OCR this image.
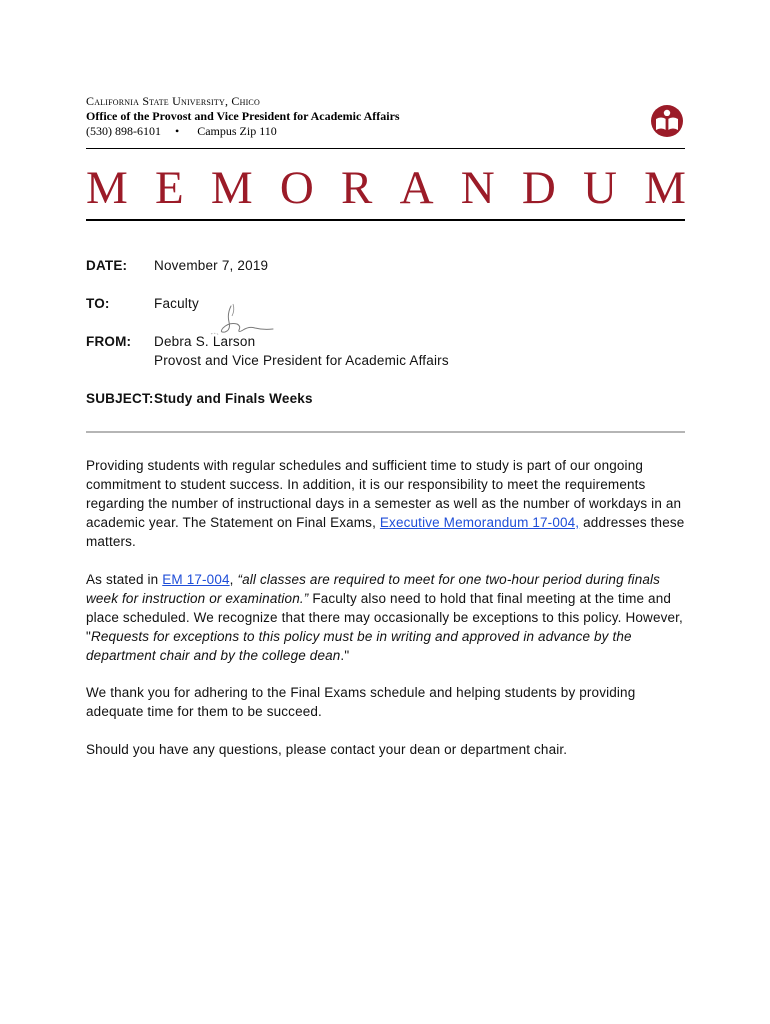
California State University, Chico
Office of the Provost and Vice President for Academic Affairs
(530) 898-6101 • Campus Zip 110
M E M O R A N D U M
DATE:	November 7, 2019
TO:	Faculty
FROM:	Debra S. Larson
Provost and Vice President for Academic Affairs
SUBJECT: Study and Finals Weeks
Providing students with regular schedules and sufficient time to study is part of our ongoing commitment to student success. In addition, it is our responsibility to meet the requirements regarding the number of instructional days in a semester as well as the number of workdays in an academic year. The Statement on Final Exams, Executive Memorandum 17-004, addresses these matters.
As stated in EM 17-004, “all classes are required to meet for one two-hour period during finals week for instruction or examination.” Faculty also need to hold that final meeting at the time and place scheduled. We recognize that there may occasionally be exceptions to this policy. However, "Requests for exceptions to this policy must be in writing and approved in advance by the department chair and by the college dean."
We thank you for adhering to the Final Exams schedule and helping students by providing adequate time for them to be succeed.
Should you have any questions, please contact your dean or department chair.
